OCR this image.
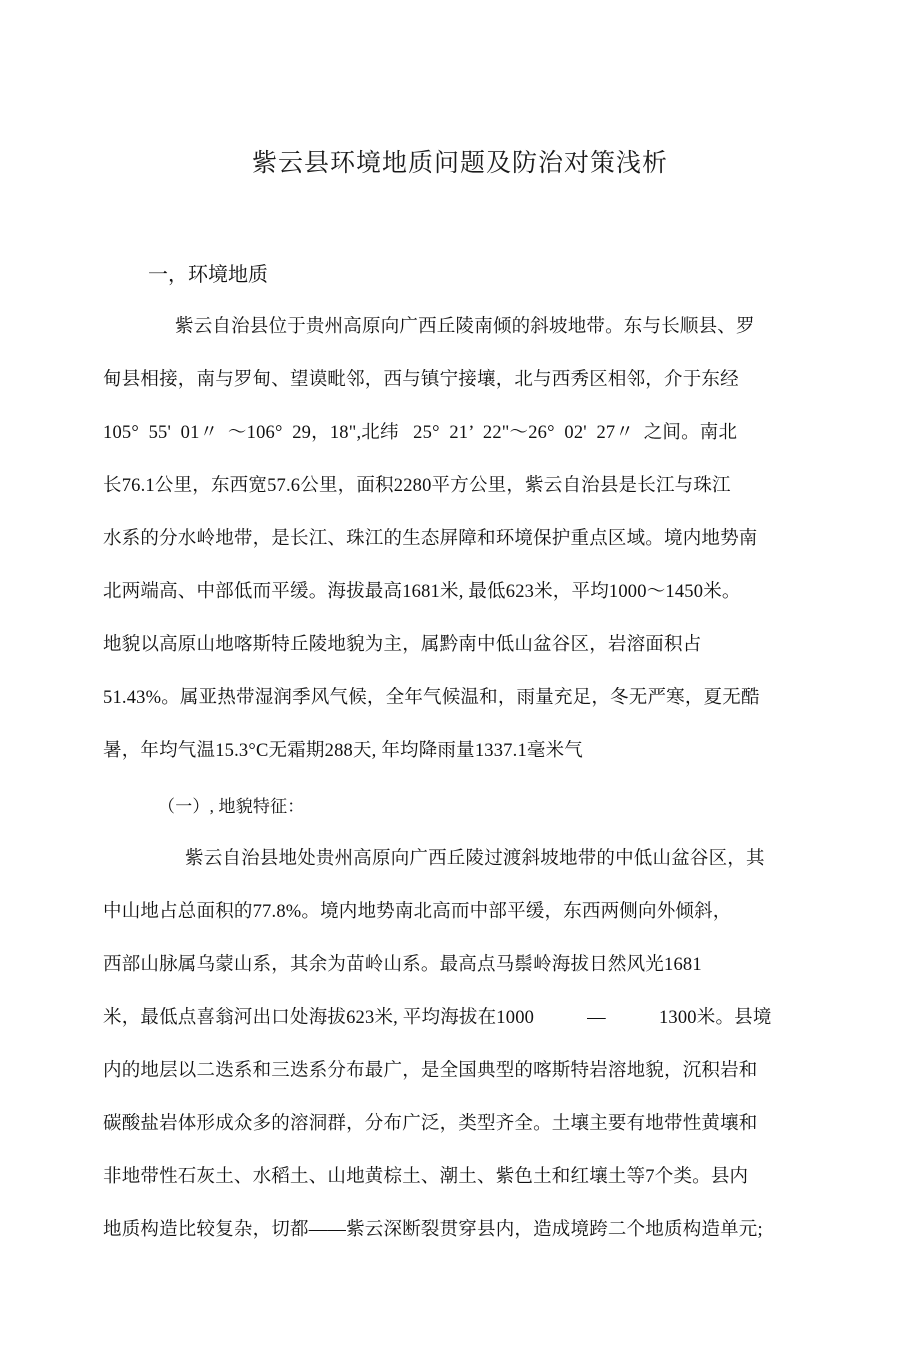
紫云县环境地质问题及防治对策浅析
一，环境地质
紫云自治县位于贵州高原向广西丘陵南倾的斜坡地带。东与长顺县、罗
甸县相接，南与罗甸、望谟毗邻，西与镇宁接壤，北与西秀区相邻，介于东经
105°  55'  01〃  ～106°  29，18",北纬   25°  21’  22"～26°  02'  27〃  之间。南北
长76.1公里，东西宽57.6公里，面积2280平方公里，紫云自治县是长江与珠江
水系的分水岭地带，是长江、珠江的生态屏障和环境保护重点区域。境内地势南
北两端高、中部低而平缓。海拔最高1681米, 最低623米，平均1000～1450米。
地貌以高原山地喀斯特丘陵地貌为主，属黔南中低山盆谷区，岩溶面积占
51.43%。属亚热带湿润季风气候，全年气候温和，雨量充足，冬无严寒，夏无酷
暑，年均气温15.3°C无霜期288天, 年均降雨量1337.1毫米气
（一）, 地貌特征：
紫云自治县地处贵州高原向广西丘陵过渡斜坡地带的中低山盆谷区，其
中山地占总面积的77.8%。境内地势南北高而中部平缓，东西两侧向外倾斜，
西部山脉属乌蒙山系，其余为苗岭山系。最高点马鬃岭海拔日然风光1681
米，最低点喜翁河出口处海拔623米, 平均海拔在1000           —           1300米。县境
内的地层以二迭系和三迭系分布最广，是全国典型的喀斯特岩溶地貌，沉积岩和
碳酸盐岩体形成众多的溶洞群，分布广泛，类型齐全。土壤主要有地带性黄壤和
非地带性石灰土、水稻土、山地黄棕土、潮土、紫色土和红壤土等7个类。县内
地质构造比较复杂，切都——紫云深断裂贯穿县内，造成境跨二个地质构造单元;
